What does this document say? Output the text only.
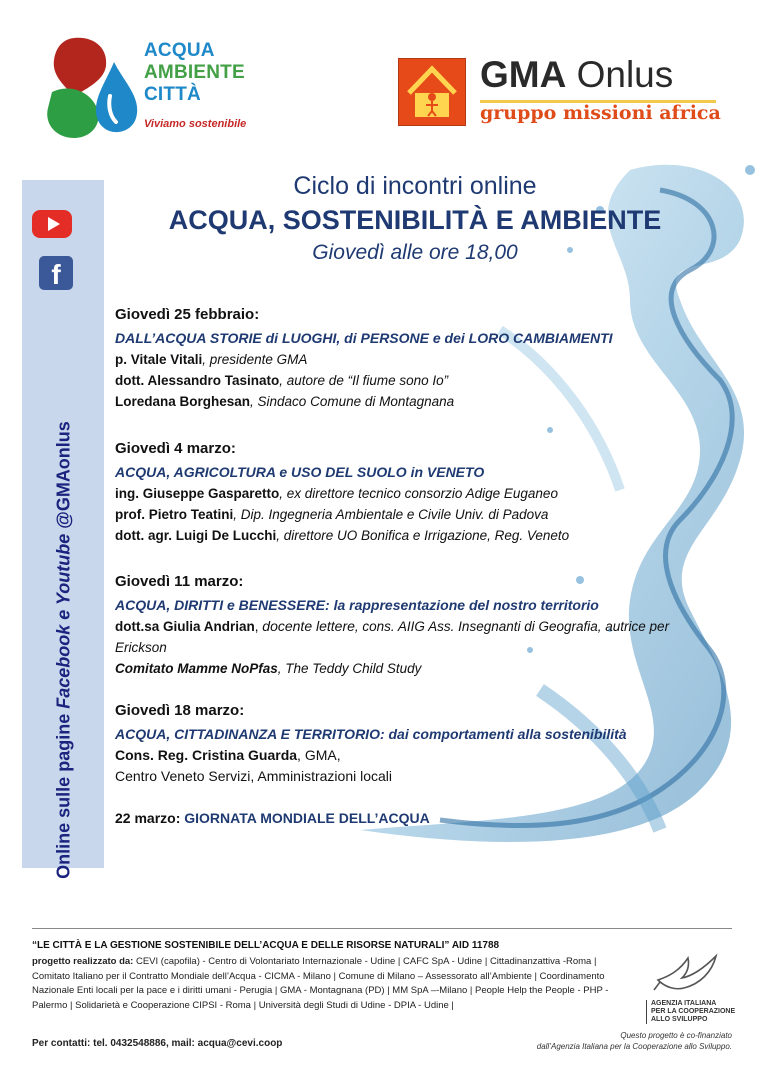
ACQUA
AMBIENTE
CITTÀ
Viviamo sostenibile
GMA Onlus
gruppo missioni africa
f
Online sulle pagine Facebook e Youtube @GMAonlus
Ciclo di incontri online
ACQUA, SOSTENIBILITÀ E AMBIENTE
Giovedì alle ore 18,00
Giovedì 25 febbraio:
DALL’ACQUA STORIE di LUOGHI, di PERSONE e dei LORO CAMBIAMENTI
p. Vitale Vitali, presidente GMA
dott. Alessandro Tasinato, autore de “Il fiume sono Io”
Loredana Borghesan, Sindaco Comune di Montagnana
Giovedì 4 marzo:
ACQUA, AGRICOLTURA e USO DEL SUOLO in VENETO
ing. Giuseppe Gasparetto, ex direttore tecnico consorzio Adige Euganeo
prof. Pietro Teatini, Dip. Ingegneria Ambientale e Civile Univ. di Padova
dott. agr. Luigi De Lucchi, direttore UO Bonifica e Irrigazione, Reg. Veneto
Giovedì 11 marzo:
ACQUA, DIRITTI e BENESSERE: la rappresentazione del nostro territorio
dott.sa Giulia Andrian, docente lettere, cons. AIIG Ass. Insegnanti di Geografia, autrice per Erickson
Comitato Mamme NoPfas, The Teddy Child Study
Giovedì 18 marzo:
ACQUA, CITTADINANZA E TERRITORIO: dai comportamenti alla sostenibilità
Cons. Reg. Cristina Guarda, GMA,
Centro Veneto Servizi, Amministrazioni locali
22 marzo: GIORNATA MONDIALE DELL’ACQUA
“LE CITTÀ E LA GESTIONE SOSTENIBILE DELL’ACQUA E DELLE RISORSE NATURALI” AID 11788
progetto realizzato da: CEVI (capofila) - Centro di Volontariato Internazionale - Udine | CAFC SpA - Udine | Cittadinanzattiva -Roma | Comitato Italiano per il Contratto Mondiale dell’Acqua - CICMA - Milano | Comune di Milano – Assessorato all’Ambiente | Coordinamento Nazionale Enti locali per la pace e i diritti umani - Perugia | GMA - Montagnana (PD) | MM SpA –-Milano | People Help the People - PHP - Palermo | Solidarietà e Cooperazione CIPSI - Roma | Università degli Studi di Udine - DPIA - Udine |	AGENZIA ITALIANA
PER LA COOPERAZIONE
ALLO SVILUPPO
Questo progetto è co-finanziato
dall’Agenzia Italiana per la Cooperazione allo Sviluppo.
Per contatti: tel. 0432548886, mail: acqua@cevi.coop
